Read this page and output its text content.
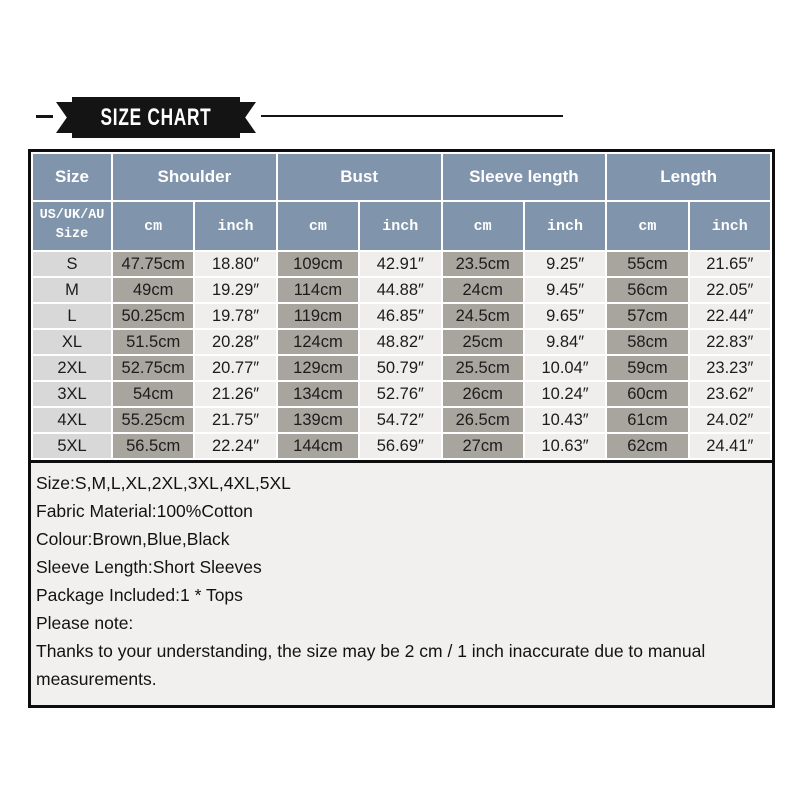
SIZE CHART
Size	Shoulder		Bust		Sleeve length		Length	

US/UK/AU
Size	cm	inch	cm	inch	cm	inch	cm	inch
S	47.75cm	18.80″	109cm	42.91″	23.5cm	9.25″	55cm	21.65″
M	49cm	19.29″	114cm	44.88″	24cm	9.45″	56cm	22.05″
L	50.25cm	19.78″	119cm	46.85″	24.5cm	9.65″	57cm	22.44″
XL	51.5cm	20.28″	124cm	48.82″	25cm	9.84″	58cm	22.83″
2XL	52.75cm	20.77″	129cm	50.79″	25.5cm	10.04″	59cm	23.23″
3XL	54cm	21.26″	134cm	52.76″	26cm	10.24″	60cm	23.62″
4XL	55.25cm	21.75″	139cm	54.72″	26.5cm	10.43″	61cm	24.02″
5XL	56.5cm	22.24″	144cm	56.69″	27cm	10.63″	62cm	24.41″

Size:S,M,L,XL,2XL,3XL,4XL,5XL

Fabric Material:100%Cotton

Colour:Brown,Blue,Black

Sleeve Length:Short Sleeves

Package Included:1 * Tops

Please note:

Thanks to your understanding, the size may be 2 cm / 1 inch inaccurate due to manual measurements.
